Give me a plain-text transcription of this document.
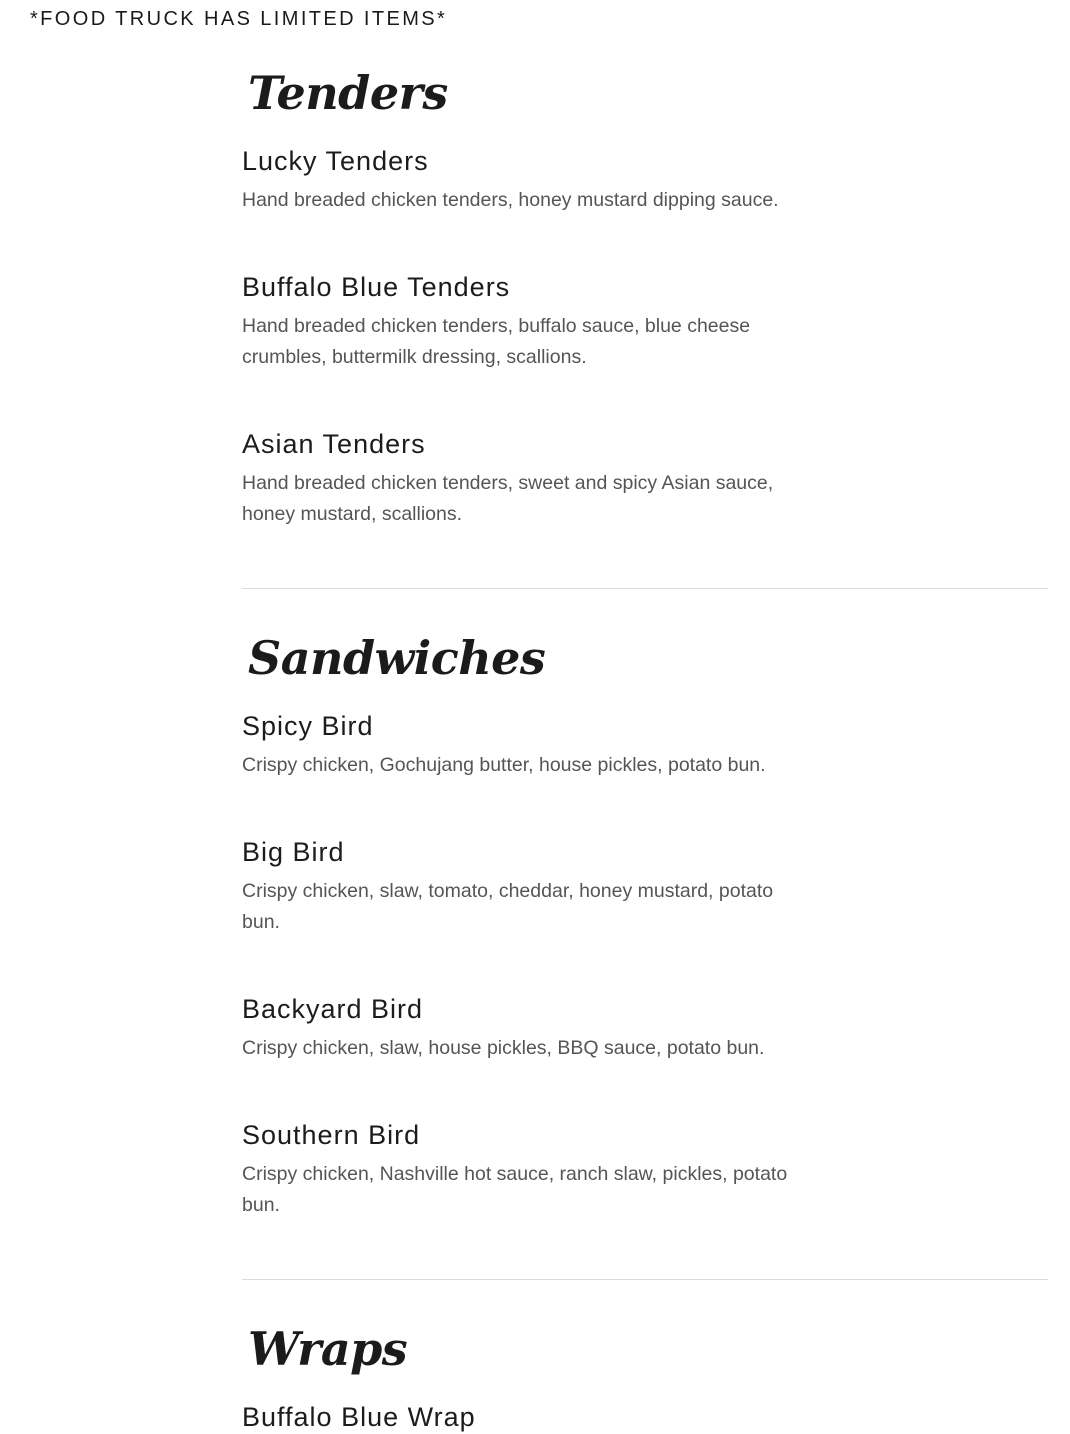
*FOOD TRUCK HAS LIMITED ITEMS*
Tenders
Lucky Tenders
Hand breaded chicken tenders, honey mustard dipping sauce.
Buffalo Blue Tenders
Hand breaded chicken tenders, buffalo sauce, blue cheese crumbles, buttermilk dressing, scallions.
Asian Tenders
Hand breaded chicken tenders, sweet and spicy Asian sauce, honey mustard, scallions.
Sandwiches
Spicy Bird
Crispy chicken, Gochujang butter, house pickles, potato bun.
Big Bird
Crispy chicken, slaw, tomato, cheddar, honey mustard, potato bun.
Backyard Bird
Crispy chicken, slaw, house pickles, BBQ sauce, potato bun.
Southern Bird
Crispy chicken, Nashville hot sauce, ranch slaw, pickles, potato bun.
Wraps
Buffalo Blue Wrap
